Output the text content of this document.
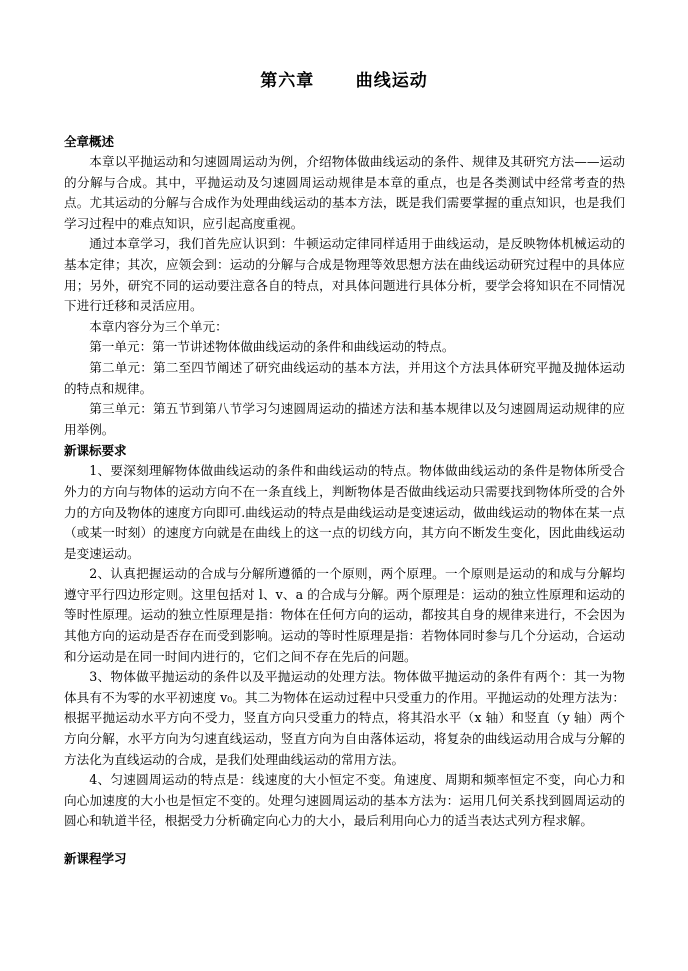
第六章      曲线运动
全章概述

本章以平抛运动和匀速圆周运动为例，介绍物体做曲线运动的条件、规律及其研究方法——运动的分解与合成。其中，平抛运动及匀速圆周运动规律是本章的重点，也是各类测试中经常考查的热点。尤其运动的分解与合成作为处理曲线运动的基本方法，既是我们需要掌握的重点知识，也是我们学习过程中的难点知识，应引起高度重视。

通过本章学习，我们首先应认识到：牛顿运动定律同样适用于曲线运动，是反映物体机械运动的基本定律；其次，应领会到：运动的分解与合成是物理等效思想方法在曲线运动研究过程中的具体应用；另外，研究不同的运动要注意各自的特点，对具体问题进行具体分析，要学会将知识在不同情况下进行迁移和灵活应用。

本章内容分为三个单元：

第一单元：第一节讲述物体做曲线运动的条件和曲线运动的特点。

第二单元：第二至四节阐述了研究曲线运动的基本方法，并用这个方法具体研究平抛及抛体运动的特点和规律。

第三单元：第五节到第八节学习匀速圆周运动的描述方法和基本规律以及匀速圆周运动规律的应用举例。

新课标要求

1、要深刻理解物体做曲线运动的条件和曲线运动的特点。物体做曲线运动的条件是物体所受合外力的方向与物体的运动方向不在一条直线上，判断物体是否做曲线运动只需要找到物体所受的合外力的方向及物体的速度方向即可.曲线运动的特点是曲线运动是变速运动，做曲线运动的物体在某一点（或某一时刻）的速度方向就是在曲线上的这一点的切线方向，其方向不断发生变化，因此曲线运动是变速运动。

2、认真把握运动的合成与分解所遵循的一个原则，两个原理。一个原则是运动的和成与分解均遵守平行四边形定则。这里包括对 l、v、a 的合成与分解。两个原理是：运动的独立性原理和运动的等时性原理。运动的独立性原理是指：物体在任何方向的运动，都按其自身的规律来进行，不会因为其他方向的运动是否存在而受到影响。运动的等时性原理是指：若物体同时参与几个分运动，合运动和分运动是在同一时间内进行的，它们之间不存在先后的问题。

3、物体做平抛运动的条件以及平抛运动的处理方法。物体做平抛运动的条件有两个：其一为物体具有不为零的水平初速度 v₀。其二为物体在运动过程中只受重力的作用。平抛运动的处理方法为：根据平抛运动水平方向不受力，竖直方向只受重力的特点，将其沿水平（x 轴）和竖直（y 轴）两个方向分解，水平方向为匀速直线运动，竖直方向为自由落体运动，将复杂的曲线运动用合成与分解的方法化为直线运动的合成，是我们处理曲线运动的常用方法。

4、匀速圆周运动的特点是：线速度的大小恒定不变。角速度、周期和频率恒定不变，向心力和向心加速度的大小也是恒定不变的。处理匀速圆周运动的基本方法为：运用几何关系找到圆周运动的圆心和轨道半径，根据受力分析确定向心力的大小，最后利用向心力的适当表达式列方程求解。

新课程学习
